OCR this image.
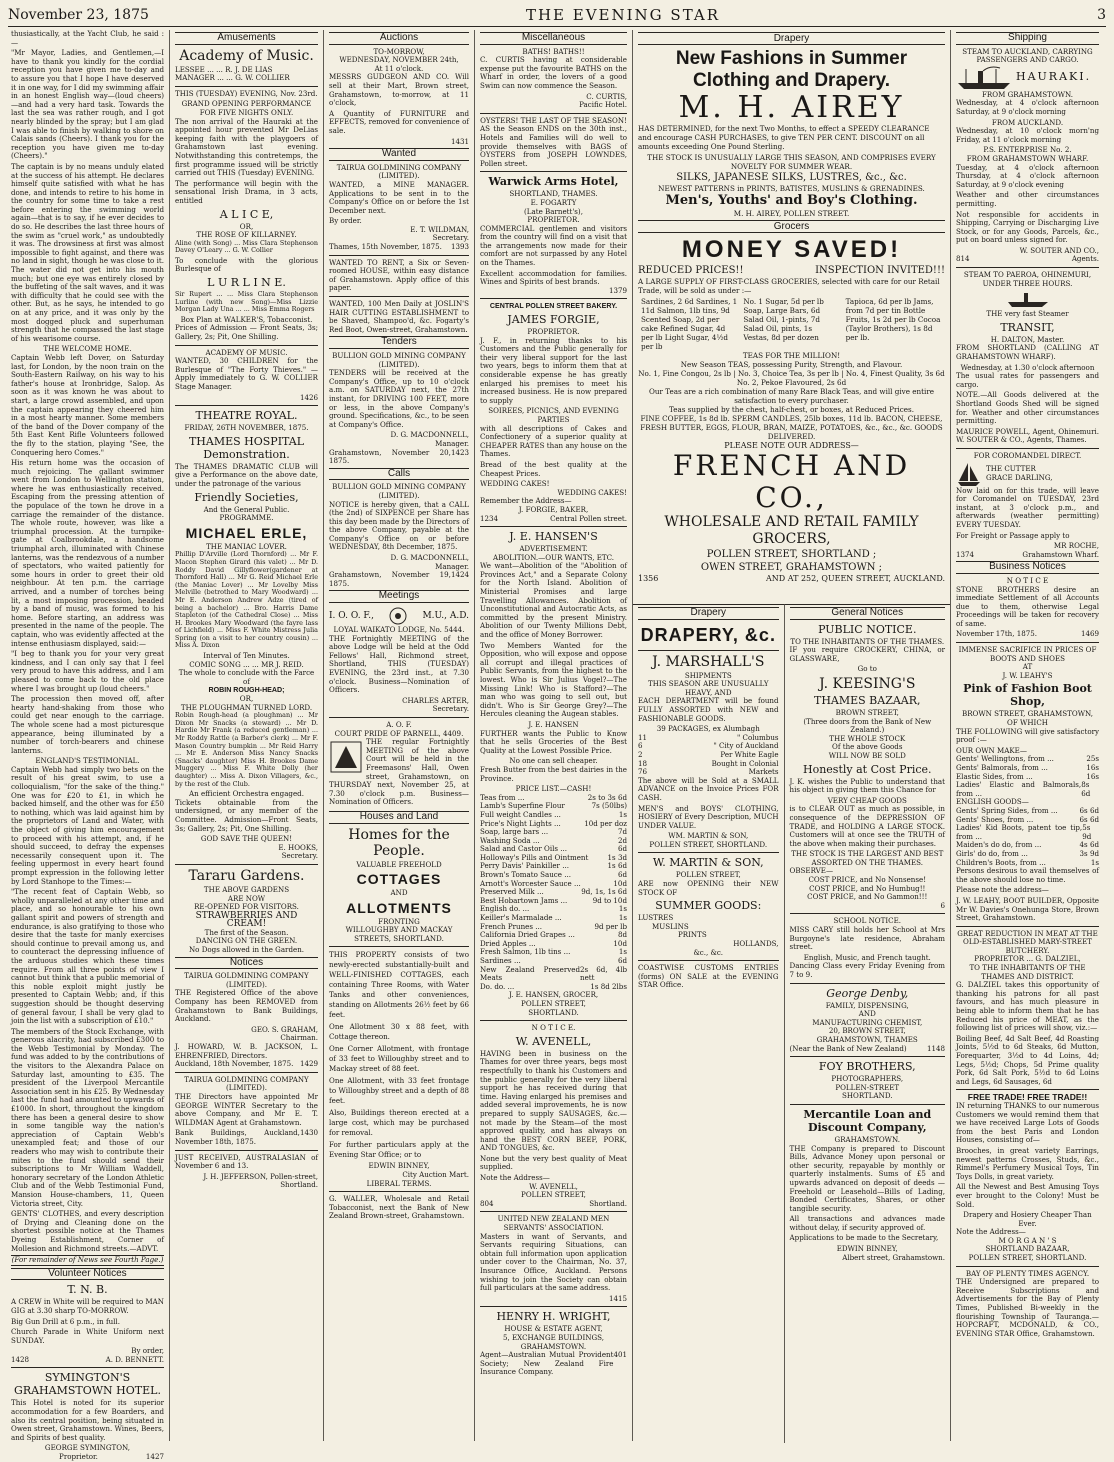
November 23, 1875	THE EVENING STAR	3

thusiastically, at the Yacht Club, he said :—

"Mr Mayor, Ladies, and Gentlemen,—I have to thank you kindly for the cordial reception you have given me to-day and to assure you that I hope I have deserved it in one way, for I did my swimming affair in an honest English way—(loud cheers) —and had a very hard task. Towards the last the sea was rather rough, and I got nearly blinded by the spray; but I am glad I was able to finish by walking to shore on Calais sands (Cheers). I thank you for the reception you have given me to-day (Cheers)."

The captain is by no means unduly elated at the success of his attempt. He declares himself quite satisfied with what he has done, and intends to retire to his home in the country for some time to take a rest before entering the swimming world again—that is to say, if he ever decides to do so. He describes the last three hours of the swim as "cruel work," as undoubtedly it was. The drowsiness at first was almost impossible to fight against, and there was no land in sight, though he was close to it. The water did not get into his mouth much; but one eye was entirely closed by the buffeting of the salt waves, and it was with difficulty that he could see with the other. But, as he says, he intended to go on at any price, and it was only by the most dogged pluck and superhuman strength that he compassed the last stage of his wearisome course.

THE WELCOME HOME.

Captain Webb left Dover, on Saturday last, for London, by the noon train on the South-Eastern Railway, on his way to his father's house at Ironbridge, Salop. As soon as it was known he was about to start, a large crowd assembled, and upon the captain appearing they cheered him in a most hearty manner. Some members of the band of the Dover company of the 5th East Kent Rifle Volunteers followed the fly to the station, playing "See, the Conquering hero Comes."

His return home was the occasion of much rejoicing. The gallant swimmer went from London to Wellington station, where he was enthusiastically received. Escaping from the pressing attention of the populace of the town he drove in a carriage the remainder of the distance. The whole route, however, was like a triumphal procession. At the turnpike-gate at Coalbrookdale, a handsome triumphal arch, illuminated with Chinese lanterns, was the rendezvous of a number of spectators, who waited patiently for some hours in order to greet their old neighbour. At ten p.m. the carriage arrived, and a number of torches being lit, a most imposing procession, headed by a band of music, was formed to his home. Before starting, an address was presented in the name of the people. The captain, who was evidently affected at the intense enthusiasm displayed, said:—

"I beg to thank you for your very great kindness, and I can only say that I feel very proud to have this address, and I am pleased to come back to the old place where I was brought up (loud cheers."

The procession then moved off, after hearty hand-shaking from those who could get near enough to the carriage. The whole scene had a most picturesque appearance, being illuminated by a number of torch-bearers and chinese lanterns.

ENGLAND'S TESTIMONIAL.

Captain Webb had simply two bets on the result of his great swim, to use a colloquialism, "for the sake of the thing." One was for £20 to £1, in which he backed himself, and the other was for £50 to nothing, which was laid against him by the proprietors of Land and Water, with the object of giving him encouragement to proceed with his attempt, and, if he should succeed, to defray the expenses necessarily consequent upon it. The feeling uppermost in every heart found prompt expression in the following letter by Lord Stanhope to the Times:—

"The recent feat of Captain Webb, so wholly unparalleled at any other time and place, and so honourable to his own gallant spirit and powers of strength and endurance, is also gratifying to those who desire that the taste for manly exercises should continue to prevail among us, and to counteract the depressing influence of the arduous studies which these times require. From all three points of view I cannot but think that a public memorial of this noble exploit might justly be presented to Captain Webb; and, if this suggestion should be thought deserving of general favour, I shall be very glad to join the list with a subscription of £10."

The members of the Stock Exchange, with generous alacrity, had subscribed £300 to the Webb Testimonial by Monday. The fund was added to by the contributions of the visitors to the Alexandra Palace on Saturday last, amounting to £35. The president of the Liverpool Mercantile Association sent in his £25. By Wednesday last the fund had amounted to upwards of £1000. In short, throughout the kingdom there has been a general desire to show in some tangible way the nation's appreciation of Captain Webb's unexampled feat; and those of our readers who may wish to contribute their mites to the fund should send their subscriptions to Mr William Waddell, honorary secretary of the London Athletic Club and of the Webb Testimonial Fund, Mansion House-chambers, 11, Queen Victoria street, City.

GENTS' CLOTHES, and every description of Drying and Cleaning done on the shortest possible notice at the Thames Dyeing Establishment, Corner of Mollesion and Richmond streets.—ADVT.

(For remainder of News see Fourth Page.)
Volunteer Notices
T. N. B.

A CREW in White will be required to MAN GIG at 3.30 sharp TO-MORROW.

Big Gun Drill at 6 p.m., in full.

Church Parade in White Uniform next SUNDAY.

By order,
1428	A. D. BENNETT.
SYMINGTON'S GRAHAMSTOWN HOTEL.

This Hotel is noted for its superior accommodation for a few Boarders, and also its central position, being situated in Owen street, Grahamstown. Wines, Beers, and Spirits of best quality.

GEORGE SYMINGTON,
Proprietor.	1427
Amusements
Academy of Music.
LESSEE ... ... R. J. DE LIAS
MANAGER ... ... G. W. COLLIER

THIS (TUESDAY) EVENING, Nov. 23rd.

GRAND OPENING PERFORMANCE
FOR FIVE NIGHTS ONLY.

The non arrival of the Hauraki at the appointed hour prevented Mr DeLias keeping faith with the playgoers of Grahamstown last evening. Notwithstanding this contretemps, the first programme issued will be strictly carried out THIS (Tuesday) EVENING.

The performance will begin with the sensational Irish Drama, in 3 acts, entitled

A L I C E,
OR,
THE ROSE OF KILLARNEY.

Aline (with Song) ... Miss Clara Stephenson Davey O'Leary ... G. W. Collier

To conclude with the glorious Burlesque of

L U R L I N E.

Sir Rupert ... ... Miss Clara Stephenson Lurline (with new Song)—Miss Lizzie Morgan Lady Una ... ... Miss Emma Rogers

Box Plan at WALKER'S, Tobacconist.

Prices of Admission — Front Seats, 3s; Gallery, 2s; Pit, One Shilling.

ACADEMY OF MUSIC.

WANTED, 30 CHILDREN for the Burlesque of "The Forty Thieves." —Apply immediately to G. W. COLLIER Stage Manager.

1426
THEATRE ROYAL.
FRIDAY, 26TH NOVEMBER, 1875.
THAMES HOSPITAL Demonstration.

The THAMES DRAMATIC CLUB will give a Performance on the above date, under the patronage of the various

Friendly Societies,
And the General Public.
PROGRAMME.
MICHAEL ERLE,
THE MANIAC LOVER.

Phillip D'Arville (Lord Thornford) ... Mr F. Macon Stephen Girard (his valet) ... Mr D. Roddy David Gillyflower(gardener at Thornford Hall) ... Mr G. Reid Michael Erle (the Maniac Lover) ... Mr Lovelby Miss Melville (betrothed to Mary Woodward) ... Mr E. Anderson Andrew Adze (tired of being a bachelor) ... Bro. Harris Dame Stapleton (of the Cathedral Close) ... Miss H. Brookes Mary Woodward (the fayre lass of Lichfield) ... Miss F. White Mistress Julia Spring (on a visit to her country cousin) ... Miss A. Dixon

Interval of Ten Minutes.
COMIC SONG ... ... MR J. REID.
The whole to conclude with the Farce of
ROBIN ROUGH-HEAD;
OR,
THE PLOUGHMAN TURNED LORD.

Robin Rough-head (a ploughman) ... Mr Dixon Mr Snacks (a steward) ... Mr D. Hardie Mr Frank (a reduced gentleman) ... Mr Roddy Rattle (a Barber's clerk) ... Mr F. Mason Country bumpkin ... Mr Reid Harry ... Mr E. Anderson Miss Nancy Snacks (Snacks' daughter) Miss H. Brookes Dame Muggery ... Miss F. White Dolly (her daughter) ... Miss A. Dixon Villagers, &c., by the rest of the Club.

An efficient Orchestra engaged.

Tickets obtainable from the undersigned, or any member of the Committee. Admission—Front Seats, 3s; Gallery, 2s; Pit, One Shilling.

GOD SAVE THE QUEEN!
E. HOOKS,
Secretary.
Tararu Gardens.
THE ABOVE GARDENS
ARE NOW
RE-OPENED FOR VISITORS.
STRAWBERRIES AND CREAM!
The first of the Season.
DANCING ON THE GREEN.
No Dogs allowed in the Garden.
Notices
TAIRUA GOLDMINING COMPANY (LIMITED).

THE Registered Office of the above Company has been REMOVED from Grahamstown to Bank Buildings, Auckland.

GEO. S. GRAHAM,
Chairman.
J. HOWARD, W. B. JACKSON, L. EHRENFRIED, Directors.
Auckland, 18th November, 1875. 1429
TAIRUA GOLDMINING COMPANY (LIMITED).

THE Directors have appointed Mr GEORGE WINTER Secretary to the above Company, and Mr E. T. WILDMAN Agent at Grahamstown.

Bank Buildings, Auckland, November 18th, 1875.
1430

JUST RECEIVED, AUSTRALASIAN of November 6 and 13.

J. H. JEFFERSON, Pollen-street, Shortland.
Auctions
TO-MORROW,
WEDNESDAY, NOVEMBER 24th,
At 11 o'clock.

MESSRS GUDGEON AND CO. Will sell at their Mart, Brown street, Grahamstown, to-morrow, at 11 o'clock,

A Quantity of FURNITURE and EFFECTS, removed for convenience of sale.

1431
Wanted
TAIRUA GOLDMINING COMPANY (LIMITED).

WANTED, a MINE MANAGER. Applications to be sent in to the Company's Office on or before the 1st December next.

By order.
E. T. WILDMAN,
Secretary.
Thames, 15th November, 1875. 1393

WANTED TO RENT, a Six or Seven-roomed HOUSE, within easy distance of Grahamstown. Apply office of this paper.

WANTED, 100 Men Daily at JOSLIN'S HAIR CUTTING ESTABLISHMENT to be Shaved, Shampoo'd, &c. Fogarty's Red Boot, Owen-street, Grahamstown.

Tenders
BULLION GOLD MINING COMPANY (LIMITED).

TENDERS will be received at the Company's Office, up to 10 o'clock a.m. on SATURDAY next, the 27th instant, for DRIVING 100 FEET, more or less, in the above Company's ground. Specifications, &c., to be seen at Company's Office.

D. G. MACDONNELL,
Manager.
Grahamstown, November 20, 1875.
1423
Calls
BULLION GOLD MINING COMPANY (LIMITED).

NOTICE is hereby given, that a CALL (the 2nd) of SIXPENCE per Share has this day been made by the Directors of the above Company, payable at the Company's Office on or before WEDNESDAY, 8th December, 1875.

D. G. MACDONNELL,
Manager.
Grahamstown, November 19, 1875.
1424
Meetings
I. O. O. F.,	M.U., A.D.
LOYAL WAIKATO LODGE, No. 5444.

THE Fortnightly MEETING of the above Lodge will be held at the Odd Fellows' Hall, Richmond street, Shortland, THIS (TUESDAY) EVENING, the 23rd inst., at 7.30 o'clock. Business—Nomination of Officers.

CHARLES ARTER,
Secretary.
A. O. F.
COURT PRIDE OF PARNELL, 4409.

THE regular Fortnightly MEETING of the above Court will be held in the Freemasons' Hall, Owen street, Grahamstown, on THURSDAY next, November 25, at 7.30 o'clock p.m. Business—Nomination of Officers.

Houses and Land
Homes for the People.
VALUABLE FREEHOLD
COTTAGES
AND
ALLOTMENTS
FRONTING
WILLOUGHBY AND MACKAY STREETS, SHORTLAND.

THIS PROPERTY consists of two newly-erected substantially-built and WELL-FINISHED COTTAGES, each containing Three Rooms, with Water Tanks and other conveniences, standing on Allotments 26½ feet by 66 feet.

One Allotment 30 x 88 feet, with Cottage thereon.

One Corner Allotment, with frontage of 33 feet to Willoughby street and to Mackay street of 88 feet.

One Allotment, with 33 feet frontage to Willoughby street and a depth of 88 feet.

Also, Buildings thereon erected at a large cost, which may be purchased for removal.

For further particulars apply at the Evening Star Office; or to

EDWIN BINNEY,
City Auction Mart.
LIBERAL TERMS.

G. WALLER, Wholesale and Retail Tobacconist, next the Bank of New Zealand Brown-street, Grahamstown.

Miscellaneous
BATHS! BATHS!!

C. CURTIS having at considerable expense put the favourite BATHS on the Wharf in order, the lovers of a good Swim can now commence the Season.

C. CURTIS,
Pacific Hotel.
OYSTERS! THE LAST OF THE SEASON!

AS the Season ENDS on the 30th inst., Hotels and Families will do well to provide themselves with BAGS of OYSTERS from JOSEPH LOWNDES, Pollen street.

Warwick Arms Hotel,
SHORTLAND, THAMES.
E. FOGARTY
(Late Barnett's),
PROPRIETOR.

COMMERCIAL gentlemen and visitors from the country will find on a visit that the arrangements now made for their comfort are not surpassed by any Hotel on the Thames.

Excellent accommodation for families. Wines and Spirits of best brands.
1379
CENTRAL POLLEN STREET BAKERY.
JAMES FORGIE,
PROPRIETOR.

J. F., in returning thanks to his Customers and the Public generally for their very liberal support for the last two years, begs to inform them that at considerable expense he has greatly enlarged his premises to meet his increased business. He is now prepared to supply

SOIREES, PICNICS, AND EVENING PARTIES

with all descriptions of Cakes and Confectionery of a superior quality at CHEAPER RATES than any house on the Thames.

Bread of the best quality at the Cheapest Prices.

WEDDING CAKES!
WEDDING CAKES!
Remember the Address—
J. FORGIE, BAKER,
1234	Central Pollen street.
J. E. HANSEN'S
ADVERTISEMENT.
ABOLITION.—OUR WANTS, ETC.

We want—Abolition of the "Abolition of Provinces Act," and a Separate Colony for the North Island. Abolition of Ministerial Promises and large Travelling Allowances. Abolition of Unconstitutional and Autocratic Acts, as committed by the present Ministry. Abolition of our Twenty Millions Debt, and the office of Money Borrower.

Two Members Wanted for the Opposition, who will expose and oppose all corrupt and illegal practices of Public Servants, from the highest to the lowest. Who is Sir Julius Vogel?—The Missing Link! Who is Stafford?—The man who was going to sell out, but didn't. Who is Sir George Grey?—The Hercules cleaning the Augean stables.

J. E. HANSEN

FURTHER wants the Public to Know that he sells Groceries of the Best Quality at the Lowest Possible Price.

No one can sell cheaper.

Fresh Butter from the best dairies in the Province.

PRICE LIST.—CASH!
Teas from ...	2s to 3s 6d
Lamb's Superfine Flour	7s (50lbs)
Full weight Candles ...	1s
Price's Night Lights ...	10d per doz
Soap, large bars ...	7d
Washing Soda ...	2d
Salad and Castor Oils ...	6d
Holloway's Pills and Ointment	1s 3d
Perry Davis' Painkiller ...	1s 6d
Brown's Tomato Sauce ...	6d
Arnott's Worcester Sauce ...	10d
Preserved Milk ...	9d, 1s, 1s 6d
Best Hobartown Jams ...	9d to 10d
English do. ...	1s
Keiller's Marmalade ...	1s
French Prunes ...	9d per lb
California Dried Grapes ...	8d
Dried Apples ...	10d
Fresh Salmon, 1lb tins ...	1s
Sardines ...	6d
New Zealand Preserved Meats
2s 6d, 4lb nett
Do. do. ...	1s 8d 2lbs
J. E. HANSEN, GROCER,
POLLEN STREET,
SHORTLAND.
N O T I C E.
W. AVENELL,

HAVING been in business on the Thames for over three years, begs most respectfully to thank his Customers and the public generally for the very liberal support he has received during that time. Having enlarged his premises and added several improvements, he is now prepared to supply SAUSAGES, &c.—not made by the Steam—of the most approved quality, and has always on hand the BEST CORN BEEF, PORK, AND TONGUES, &c.

None but the very best quality of Meat supplied.

Note the Address—
W. AVENELL,
POLLEN STREET,
804	Shortland.
UNITED NEW ZEALAND MEN SERVANTS' ASSOCIATION.

Masters in want of Servants, and Servants requiring Situations, can obtain full information upon application under cover to the Chairman, No. 37, Insurance Office, Auckland. Persons wishing to join the Society can obtain full particulars at the same address.

1415
HENRY H. WRIGHT,
HOUSE & ESTATE AGENT,
5, EXCHANGE BUILDINGS,
GRAHAMSTOWN.
Agent—Australian Mutual Provident Society; New Zealand Fire Insurance Company.
401
Drapery
New Fashions in Summer Clothing and Drapery.
M. H. AIREY

HAS DETERMINED, for the next Two Months, to effect a SPEEDY CLEARANCE and encourage CASH PURCHASES, to give TEN PER CENT. DISCOUNT on all amounts exceeding One Pound Sterling.

THE STOCK IS UNUSUALLY LARGE THIS SEASON, AND COMPRISES EVERY NOVELTY FOR SUMMER WEAR.
SILKS, JAPANESE SILKS, LUSTRES, &c., &c.
NEWEST PATTERNS in PRINTS, BATISTES, MUSLINS & GRENADINES.
Men's, Youths' and Boy's Clothing.
M. H. AIREY, POLLEN STREET.
Grocers
MONEY SAVED!
REDUCED PRICES!!	INSPECTION INVITED!!!

A LARGE SUPPLY OF FIRST-CLASS GROCERIES, selected with care for our Retail Trade, will be sold as under :—

Sardines, 2 6d Sardines, 1 11d Salmon, 1lb tins, 9d Scented Soap, 2d per cake Refined Sugar, 4d per lb Light Sugar, 4½d per lb
No. 1 Sugar, 5d per lb Soap, Large Bars, 6d Salad Oil, 1-pints, 7d Salad Oil, pints, 1s Vestas, 8d per dozen
Tapioca, 6d per lb Jams, from 7d per tin Bottle Fruits, 1s 2d per lb Cocoa (Taylor Brothers), 1s 8d per lb.
TEAS FOR THE MILLION!
New Season TEAS, possessing Purity, Strength, and Flavour.
No. 1, Fine Congou, 2s lb | No. 3, Choice Tea, 3s per lb | No. 4, Finest Quality, 3s 6d No. 2, Pekoe Flavoured, 2s 6d
Our Teas are a rich combination of many Rare Black Teas, and will give entire satisfaction to every purchaser.
Teas supplied by the chest, half-chest, or boxes, at Reduced Prices.
FINE COFFEE, 1s 8d lb. SPERM CANDLES, 25lb boxes, 11d lb. BACON, CHEESE, FRESH BUTTER, EGGS, FLOUR, BRAN, MAIZE, POTATOES, &c., &c., &c. GOODS DELIVERED.
PLEASE NOTE OUR ADDRESS—
FRENCH AND CO.,
WHOLESALE AND RETAIL FAMILY GROCERS,
POLLEN STREET, SHORTLAND ;
OWEN STREET, GRAHAMSTOWN ;
1356	AND AT 252, QUEEN STREET, AUCKLAND.
Drapery
DRAPERY, &c.
J. MARSHALL'S
SHIPMENTS
THIS SEASON ARE UNUSUALLY HEAVY, AND

EACH DEPARTMENT will be found FULLY ASSORTED with NEW and FASHIONABLE GOODS.

39 PACKAGES, ex Alumbagh
11	" Columbus
6	" City of Auckland
2	Per White Eagle
18	Bought in Colonial
76	Markets

The above will be Sold at a SMALL ADVANCE on the Invoice Prices FOR CASH.

MEN'S and BOYS' CLOTHING, HOSIERY of Every Description, MUCH UNDER VALUE.

WM. MARTIN & SON,
POLLEN STREET, SHORTLAND.
W. MARTIN & SON,
POLLEN STREET,

ARE now OPENING their NEW STOCK OF

SUMMER GOODS:
LUSTRES
MUSLINS
PRINTS
HOLLANDS,
&c., &c.

COASTWISE CUSTOMS ENTRIES (forms) ON SALE at the EVENING STAR Office.

General Notices
PUBLIC NOTICE.
TO THE INHABITANTS OF THE THAMES.

IF you require CROCKERY, CHINA, or GLASSWARE,

Go to
J. KEESING'S
THAMES BAZAAR,
BROWN STREET,
(Three doors from the Bank of New Zealand.)
THE WHOLE STOCK
Of the above Goods
WILL NOW BE SOLD
Honestly at Cost Price.

J. K. wishes the Public to understand that his object in giving them this Chance for

VERY CHEAP GOODS

is to CLEAR OUT as much as possible, in consequence of the DEPRESSION OF TRADE, and HOLDING A LARGE STOCK. Customers will at once see the TRUTH of the above when making their purchases.

THE STOCK IS THE LARGEST AND BEST ASSORTED ON THE THAMES.
OBSERVE—
COST PRICE, and No Nonsense!
COST PRICE, and No Humbug!!
COST PRICE, and No Gammon!!!
6
SCHOOL NOTICE.

MISS CARY still holds her School at Mrs Burgoyne's late residence, Abraham street.

English, Music, and French taught.
Dancing Class every Friday Evening from 7 to 9.
George Denby,
FAMILY, DISPENSING,
AND
MANUFACTURING CHEMIST,
20, BROWN STREET,
GRAHAMSTOWN, THAMES
(Near the Bank of New Zealand)	1148
FOY BROTHERS,
PHOTOGRAPHERS,
POLLEN-STREET
SHORTLAND.
Mercantile Loan and Discount Company,
GRAHAMSTOWN.

THE Company is prepared to Discount Bills, Advance Money upon personal or other security, repayable by monthly or quarterly instalments. Sums of £5 and upwards advanced on deposit of deeds — Freehold or Leasehold—Bills of Lading, Bonded Certificates, Shares, or other tangible security.

All transactions and advances made without delay, if security approved of.

Applications to be made to the Secretary,

EDWIN BINNEY,
Albert street, Grahamstown.
Shipping
STEAM TO AUCKLAND, CARRYING PASSENGERS AND CARGO.
HAURAKI.
FROM GRAHAMSTOWN.

Wednesday, at 4 o'clock afternoon Saturday, at 9 o'clock morning

FROM AUCKLAND.

Wednesday, at 10 o'clock morn'ng Friday, at 11 o'clock morning

P.S. ENTERPRISE No. 2.
FROM GRAHAMSTOWN WHARF.

Tuesday, at 4 o'clock afternoon Thursday, at 4 o'clock afternoon Saturday, at 9 o'clock evening

Weather and other circumstances permitting.

Not responsible for accidents in Shipping, Carrying or Discharging Live Stock, or for any Goods, Parcels, &c., put on board unless signed for.

W. SOUTER AND CO.,
814	Agents.
STEAM TO PAEROA, OHINEMURI, UNDER THREE HOURS.
THE very fast Steamer
TRANSIT,
H. DALTON, Master.

FROM SHORTLAND (CALLING AT GRAHAMSTOWN WHARF).

Wednesday, at 1.30 o'clock afternoon

The usual rates for passengers and cargo.

NOTE.—All Goods delivered at the Shortland Goods Shed will be signed for. Weather and other circumstances permitting.

MAURICE POWELL, Agent, Ohinemuri. W. SOUTER & CO., Agents, Thames.

FOR COROMANDEL DIRECT.
THE CUTTER
GRACE DARLING,

Now laid on for this trade, will leave for Coromandel on TUESDAY, 23rd instant, at 3 o'clock p.m., and afterwards (weather permitting) EVERY TUESDAY.

For Freight or Passage apply to

MR ROCHE,
1374	Grahamstown Wharf.
Business Notices
N O T I C E

STONE BROTHERS desire an immediate Settlement of all Accounts due to them, otherwise Legal Proceedings will be taken for recovery of same.

November 17th, 1875.	1469
IMMENSE SACRIFICE IN PRICES OF BOOTS AND SHOES
AT
J. W. LEAHY'S
Pink of Fashion Boot Shop,
BROWN STREET, GRAHAMSTOWN,
OF WHICH

THE FOLLOWING will give satisfactory proof :—

OUR OWN MAKE—
Gents' Wellingtons, from ...	25s
Gents' Balmorals, from ...	16s
Elastic Sides, from ...	16s
Ladies' Elastic and Balmorals, from ...
8s 6d
ENGLISH GOODS—
Gents' Spring Sides, from ...	6s 6d
Gents' Shoes, from ...	6s 6d
Ladies' Kid Boots, patent toe tip, from ...
5s 9d
Maiden's do do, from ...	4s 6d
Girls' do do, from ...	3s 9d
Children's Boots, from ...	1s

Persons desirous to avail themselves of the above should lose no time.

Please note the address—

J. W. LEAHY, BOOT BUILDER, Opposite Mr W. Davies's Onehunga Store, Brown Street, Grahamstown.

GREAT REDUCTION IN MEAT AT THE OLD-ESTABLISHED MARY-STREET BUTCHERY.
PROPRIETOR ... G. DALZIEL,
TO THE INHABITANTS OF THE THAMES AND DISTRICT.

G. DALZIEL takes this opportunity of thanking his patrons for all past favours, and has much pleasure in being able to inform them that he has Reduced his price of MEAT, as the following list of prices will show, viz.:—

Boiling Beef, 4d Salt Beef, 4d Roasting Joints, 5½d to 6d Steaks, 6d Mutton, Forequarter, 3½d to 4d Loins, 4d; Legs, 5½d; Chops, 5d Prime quality Pork, 6d Salt Pork, 5½d to 6d Loins and Legs, 6d Sausages, 6d

FREE TRADE! FREE TRADE!!

IN returning THANKS to our numerous Customers we would remind them that we have received Large Lots of Goods from the best Paris and London Houses, consisting of—

Brooches, in great variety Earrings, newest patterns Crosses, Studs, &c., Rimmel's Perfumery Musical Toys, Tin Toys Dolls, in great variety.

All the Newest and Best Amusing Toys ever brought to the Colony! Must be Sold.

Drapery and Hosiery Cheaper Than Ever.
Note the Address—
M O R G A N ' S
SHORTLAND BAZAAR,
POLLEN STREET, SHORTLAND.
BAY OF PLENTY TIMES AGENCY.

THE Undersigned are prepared to Receive Subscriptions and Advertisements for the Bay of Plenty Times, Published Bi-weekly in the flourishing Township of Tauranga.— HOPCRAFT, MCDONALD, & CO., EVENING STAR Office, Grahamstown.
